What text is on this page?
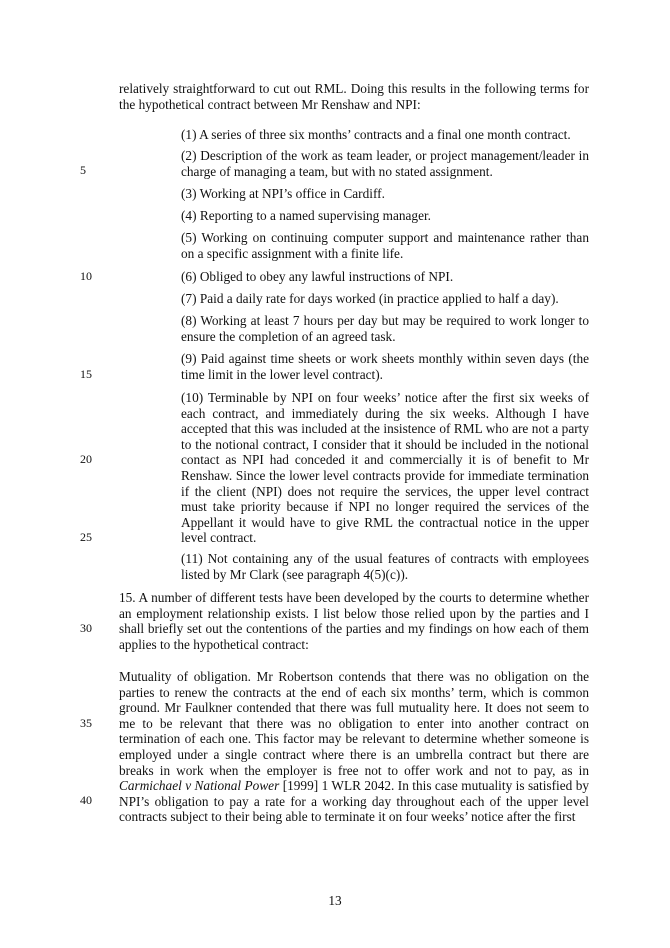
relatively straightforward to cut out RML. Doing this results in the following terms for the hypothetical contract between Mr Renshaw and NPI:
(1) A series of three six months’ contracts and a final one month contract.
(2) Description of the work as team leader, or project management/leader in charge of managing a team, but with no stated assignment.
(3) Working at NPI’s office in Cardiff.
(4) Reporting to a named supervising manager.
(5) Working on continuing computer support and maintenance rather than on a specific assignment with a finite life.
(6) Obliged to obey any lawful instructions of NPI.
(7) Paid a daily rate for days worked (in practice applied to half a day).
(8) Working at least 7 hours per day but may be required to work longer to ensure the completion of an agreed task.
(9) Paid against time sheets or work sheets monthly within seven days (the time limit in the lower level contract).
(10) Terminable by NPI on four weeks’ notice after the first six weeks of each contract, and immediately during the six weeks. Although I have accepted that this was included at the insistence of RML who are not a party to the notional contract, I consider that it should be included in the notional contact as NPI had conceded it and commercially it is of benefit to Mr Renshaw. Since the lower level contracts provide for immediate termination if the client (NPI) does not require the services, the upper level contract must take priority because if NPI no longer required the services of the Appellant it would have to give RML the contractual notice in the upper level contract.
(11) Not containing any of the usual features of contracts with employees listed by Mr Clark (see paragraph 4(5)(c)).
15. A number of different tests have been developed by the courts to determine whether an employment relationship exists. I list below those relied upon by the parties and I shall briefly set out the contentions of the parties and my findings on how each of them applies to the hypothetical contract:
Mutuality of obligation. Mr Robertson contends that there was no obligation on the parties to renew the contracts at the end of each six months’ term, which is common ground. Mr Faulkner contended that there was full mutuality here. It does not seem to me to be relevant that there was no obligation to enter into another contract on termination of each one. This factor may be relevant to determine whether someone is employed under a single contract where there is an umbrella contract but there are breaks in work when the employer is free not to offer work and not to pay, as in Carmichael v National Power [1999] 1 WLR 2042. In this case mutuality is satisfied by NPI’s obligation to pay a rate for a working day throughout each of the upper level contracts subject to their being able to terminate it on four weeks’ notice after the first
5
10
15
20
25
30
35
40
13
